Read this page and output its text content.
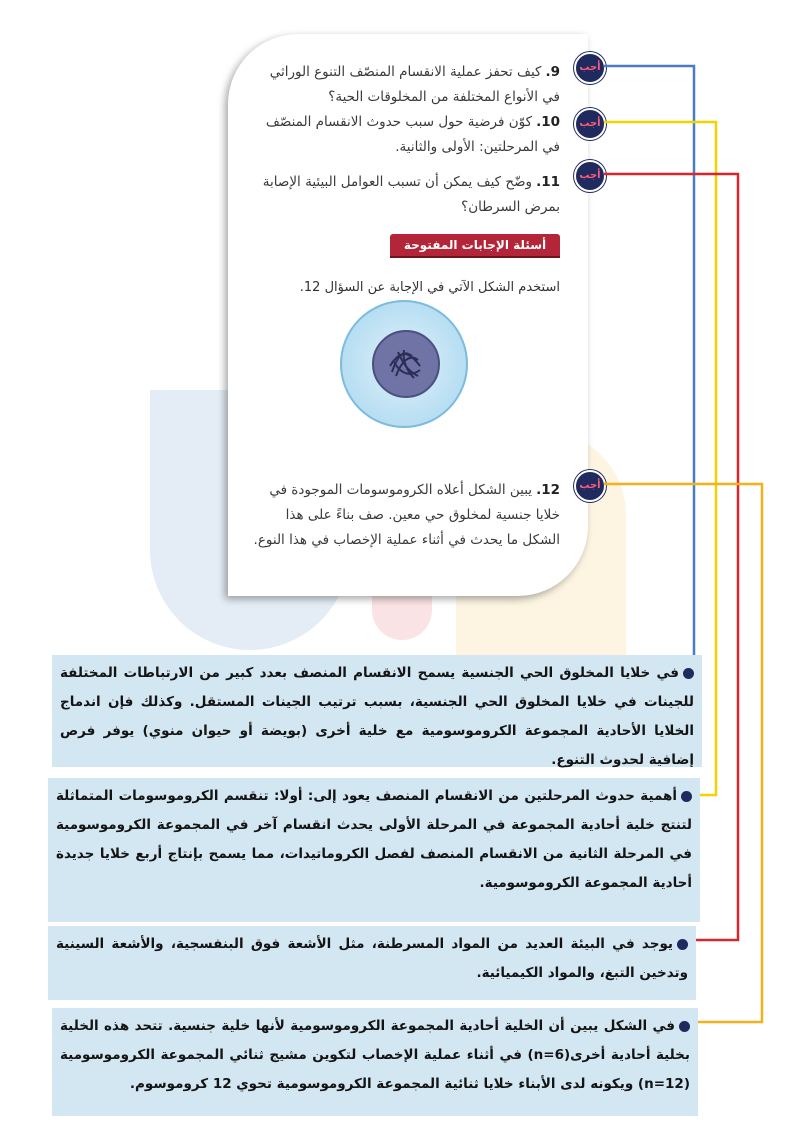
9.كيف تحفز عملية الانقسام المنصّف التنوع الوراثي في الأنواع المختلفة من المخلوقات الحية؟
10.كوّن فرضية حول سبب حدوث الانقسام المنصّف في المرحلتين: الأولى والثانية.
11.وضّح كيف يمكن أن تسبب العوامل البيئية الإصابة بمرض السرطان؟
أسئلة الإجابات المفتوحة
استخدم الشكل الآتي في الإجابة عن السؤال 12.
12.يبين الشكل أعلاه الكروموسومات الموجودة في خلايا جنسية لمخلوق حي معين. صف بناءً على هذا الشكل ما يحدث في أثناء عملية الإخصاب في هذا النوع.
أجب
أجب
أجب
أجب
في خلايا المخلوق الحي الجنسية يسمح الانقسام المنصف بعدد كبير من الارتباطات المختلفة للجينات في خلايا المخلوق الحي الجنسية، بسبب ترتيب الجينات المستقل. وكذلك فإن اندماج الخلايا الأحادية المجموعة الكروموسومية مع خلية أخرى (بويضة أو حيوان منوي) يوفر فرص إضافية لحدوث التنوع.
أهمية حدوث المرحلتين من الانقسام المنصف يعود إلى: أولا: تنقسم الكروموسومات المتماثلة لتنتج خلية أحادية المجموعة في المرحلة الأولى يحدث انقسام آخر في المجموعة الكروموسومية في المرحلة الثانية من الانقسام المنصف لفصل الكروماتيدات، مما يسمح بإنتاج أربع خلايا جديدة أحادية المجموعة الكروموسومية.
يوجد في البيئة العديد من المواد المسرطنة، مثل الأشعة فوق البنفسجية، والأشعة السينية وتدخين التبغ، والمواد الكيميائية.
في الشكل يبين أن الخلية أحادية المجموعة الكروموسومية لأنها خلية جنسية. تتحد هذه الخلية بخلية أحادية أخرى(n=6) في أثناء عملية الإخصاب لتكوين مشيج ثنائي المجموعة الكروموسومية (n=12) ويكونه لدى الأبناء خلايا ثنائية المجموعة الكروموسومية تحوي 12 كروموسوم.
